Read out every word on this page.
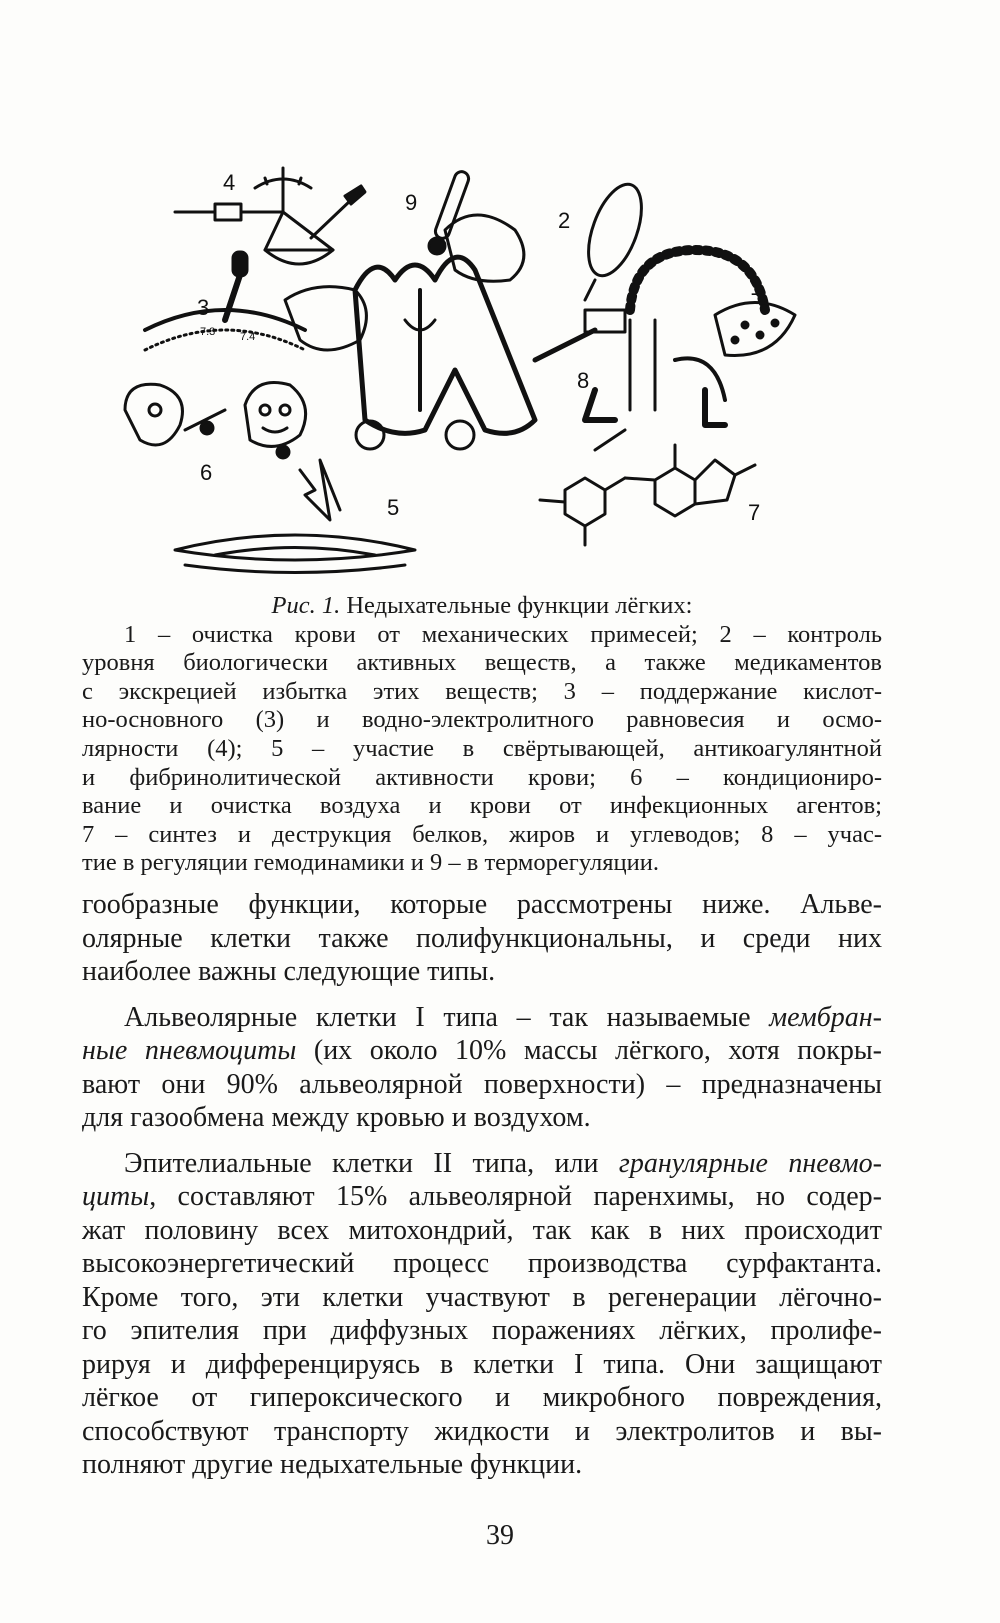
1
2
3
4
5
6
7
8
9
7.3 7.4
Рис. 1. Недыхательные функции лёгких:
1 – очистка крови от механических примесей; 2 – контроль
уровня биологически активных веществ, а также медикаментов
с экскрецией избытка этих веществ; 3 – поддержание кислот-
но-основного (3) и водно-электролитного равновесия и осмо-
лярности (4); 5 – участие в свёртывающей, антикоагулянтной
и фибринолитической активности крови; 6 – кондициониро-
вание и очистка воздуха и крови от инфекционных агентов;
7 – синтез и деструкция белков, жиров и углеводов; 8 – учас-
тие в регуляции гемодинамики и 9 – в терморегуляции.
гообразные функции, которые рассмотрены ниже. Альве-
олярные клетки также полифункциональны, и среди них
наиболее важны следующие типы.
Альвеолярные клетки I типа – так называемые мембран-
ные пневмоциты (их около 10% массы лёгкого, хотя покры-
вают они 90% альвеолярной поверхности) – предназначены
для газообмена между кровью и воздухом.
Эпителиальные клетки II типа, или гранулярные пневмо-
циты, составляют 15% альвеолярной паренхимы, но содер-
жат половину всех митохондрий, так как в них происходит
высокоэнергетический процесс производства сурфактанта.
Кроме того, эти клетки участвуют в регенерации лёгочно-
го эпителия при диффузных поражениях лёгких, пролифе-
рируя и дифференцируясь в клетки I типа. Они защищают
лёгкое от гипероксического и микробного повреждения,
способствуют транспорту жидкости и электролитов и вы-
полняют другие недыхательные функции.
39
